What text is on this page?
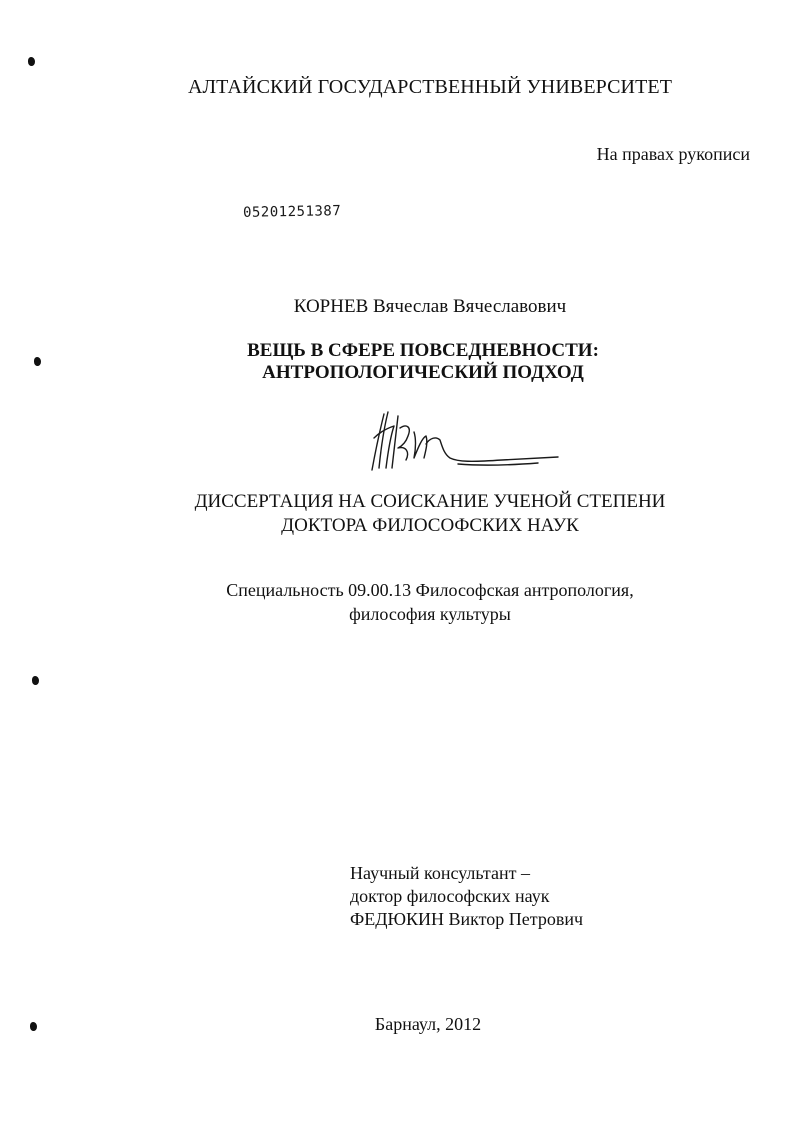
АЛТАЙСКИЙ ГОСУДАРСТВЕННЫЙ УНИВЕРСИТЕТ
На правах рукописи
05201251387
КОРНЕВ Вячеслав Вячеславович
ВЕЩЬ В СФЕРЕ ПОВСЕДНЕВНОСТИ:
АНТРОПОЛОГИЧЕСКИЙ ПОДХОД
ДИССЕРТАЦИЯ НА СОИСКАНИЕ УЧЕНОЙ СТЕПЕНИ
ДОКТОРА ФИЛОСОФСКИХ НАУК
Специальность 09.00.13 Философская антропология,
философия культуры
Научный консультант –
доктор философских наук
ФЕДЮКИН Виктор Петрович
Барнаул, 2012
